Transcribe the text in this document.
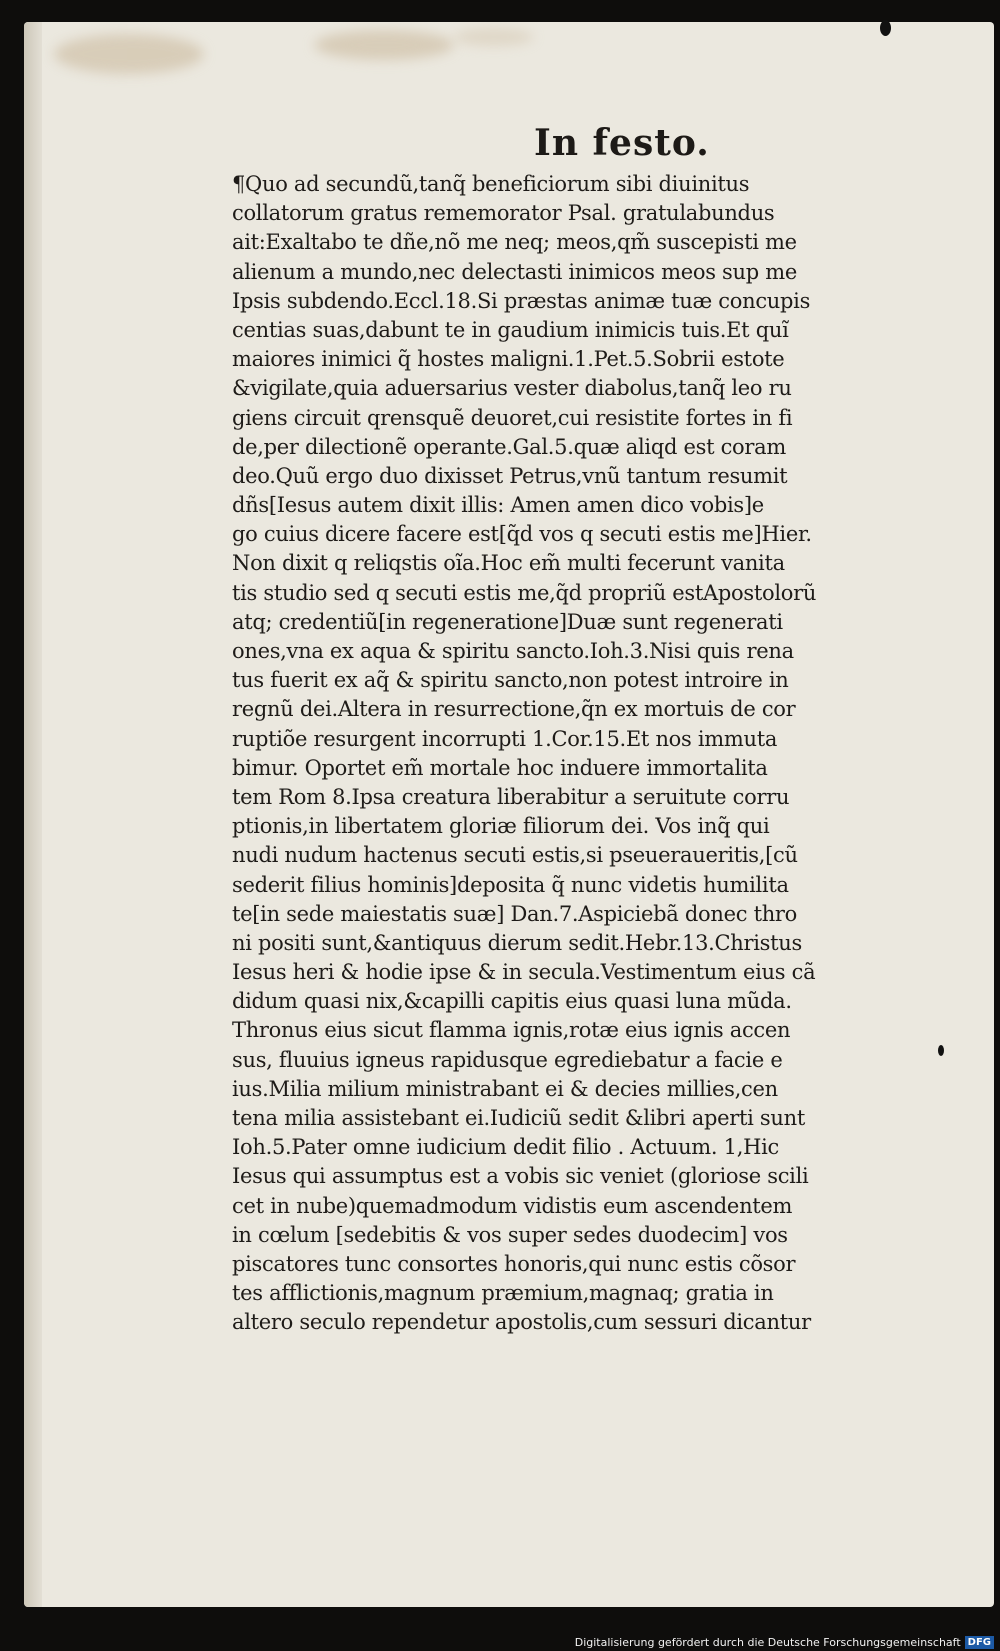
In festo.
¶Quo ad secundũ,tanq̃ beneficiorum sibi diuinitus
collatorum gratus rememorator Psal. gratulabundus
ait:Exaltabo te dñe,nõ me neq; meos,qm̃ suscepisti me
alienum a mundo,nec delectasti inimicos meos sup me
Ipsis subdendo.Eccl.18.Si præstas animæ tuæ concupis
centias suas,dabunt te in gaudium inimicis tuis.Et quĩ
maiores inimici q̃ hostes maligni.1.Pet.5.Sobrii estote
&vigilate,quia aduersarius vester diabolus,tanq̃ leo ru
giens circuit qrensquẽ deuoret,cui resistite fortes in fi
de,per dilectionẽ operante.Gal.5.quæ aliqd est coram
deo.Quũ ergo duo dixisset Petrus,vnũ tantum resumit
dñs[Iesus autem dixit illis: Amen amen dico vobis]e
go cuius dicere facere est[q̃d vos q secuti estis me]Hier.
Non dixit q reliqstis oĩa.Hoc em̃ multi fecerunt vanita
tis studio sed q secuti estis me,q̃d propriũ estApostolorũ
atq; credentiũ[in regeneratione]Duæ sunt regenerati
ones,vna ex aqua & spiritu sancto.Ioh.3.Nisi quis rena
tus fuerit ex aq̃ & spiritu sancto,non potest introire in
regnũ dei.Altera in resurrectione,q̃n ex mortuis de cor
ruptiõe resurgent incorrupti 1.Cor.15.Et nos immuta
bimur. Oportet em̃ mortale hoc induere immortalita
tem Rom 8.Ipsa creatura liberabitur a seruitute corru
ptionis,in libertatem gloriæ filiorum dei. Vos inq̃ qui
nudi nudum hactenus secuti estis,si pseueraueritis,[cũ
sederit filius hominis]deposita q̃ nunc videtis humilita
te[in sede maiestatis suæ] Dan.7.Aspiciebã donec thro
ni positi sunt,&antiquus dierum sedit.Hebr.13.Christus
Iesus heri & hodie ipse & in secula.Vestimentum eius cã
didum quasi nix,&capilli capitis eius quasi luna mũda.
Thronus eius sicut flamma ignis,rotæ eius ignis accen
sus, fluuius igneus rapidusque egrediebatur a facie e
ius.Milia milium ministrabant ei & decies millies,cen
tena milia assistebant ei.Iudiciũ sedit &libri aperti sunt
Ioh.5.Pater omne iudicium dedit filio . Actuum. 1,Hic
Iesus qui assumptus est a vobis sic veniet (gloriose scili
cet in nube)quemadmodum vidistis eum ascendentem
in cœlum [sedebitis & vos super sedes duodecim] vos
piscatores tunc consortes honoris,qui nunc estis cõsor
tes afflictionis,magnum præmium,magnaq; gratia in
altero seculo rependetur apostolis,cum sessuri dicantur
Digitalisierung gefördert durch die Deutsche Forschungsgemeinschaft DFG
